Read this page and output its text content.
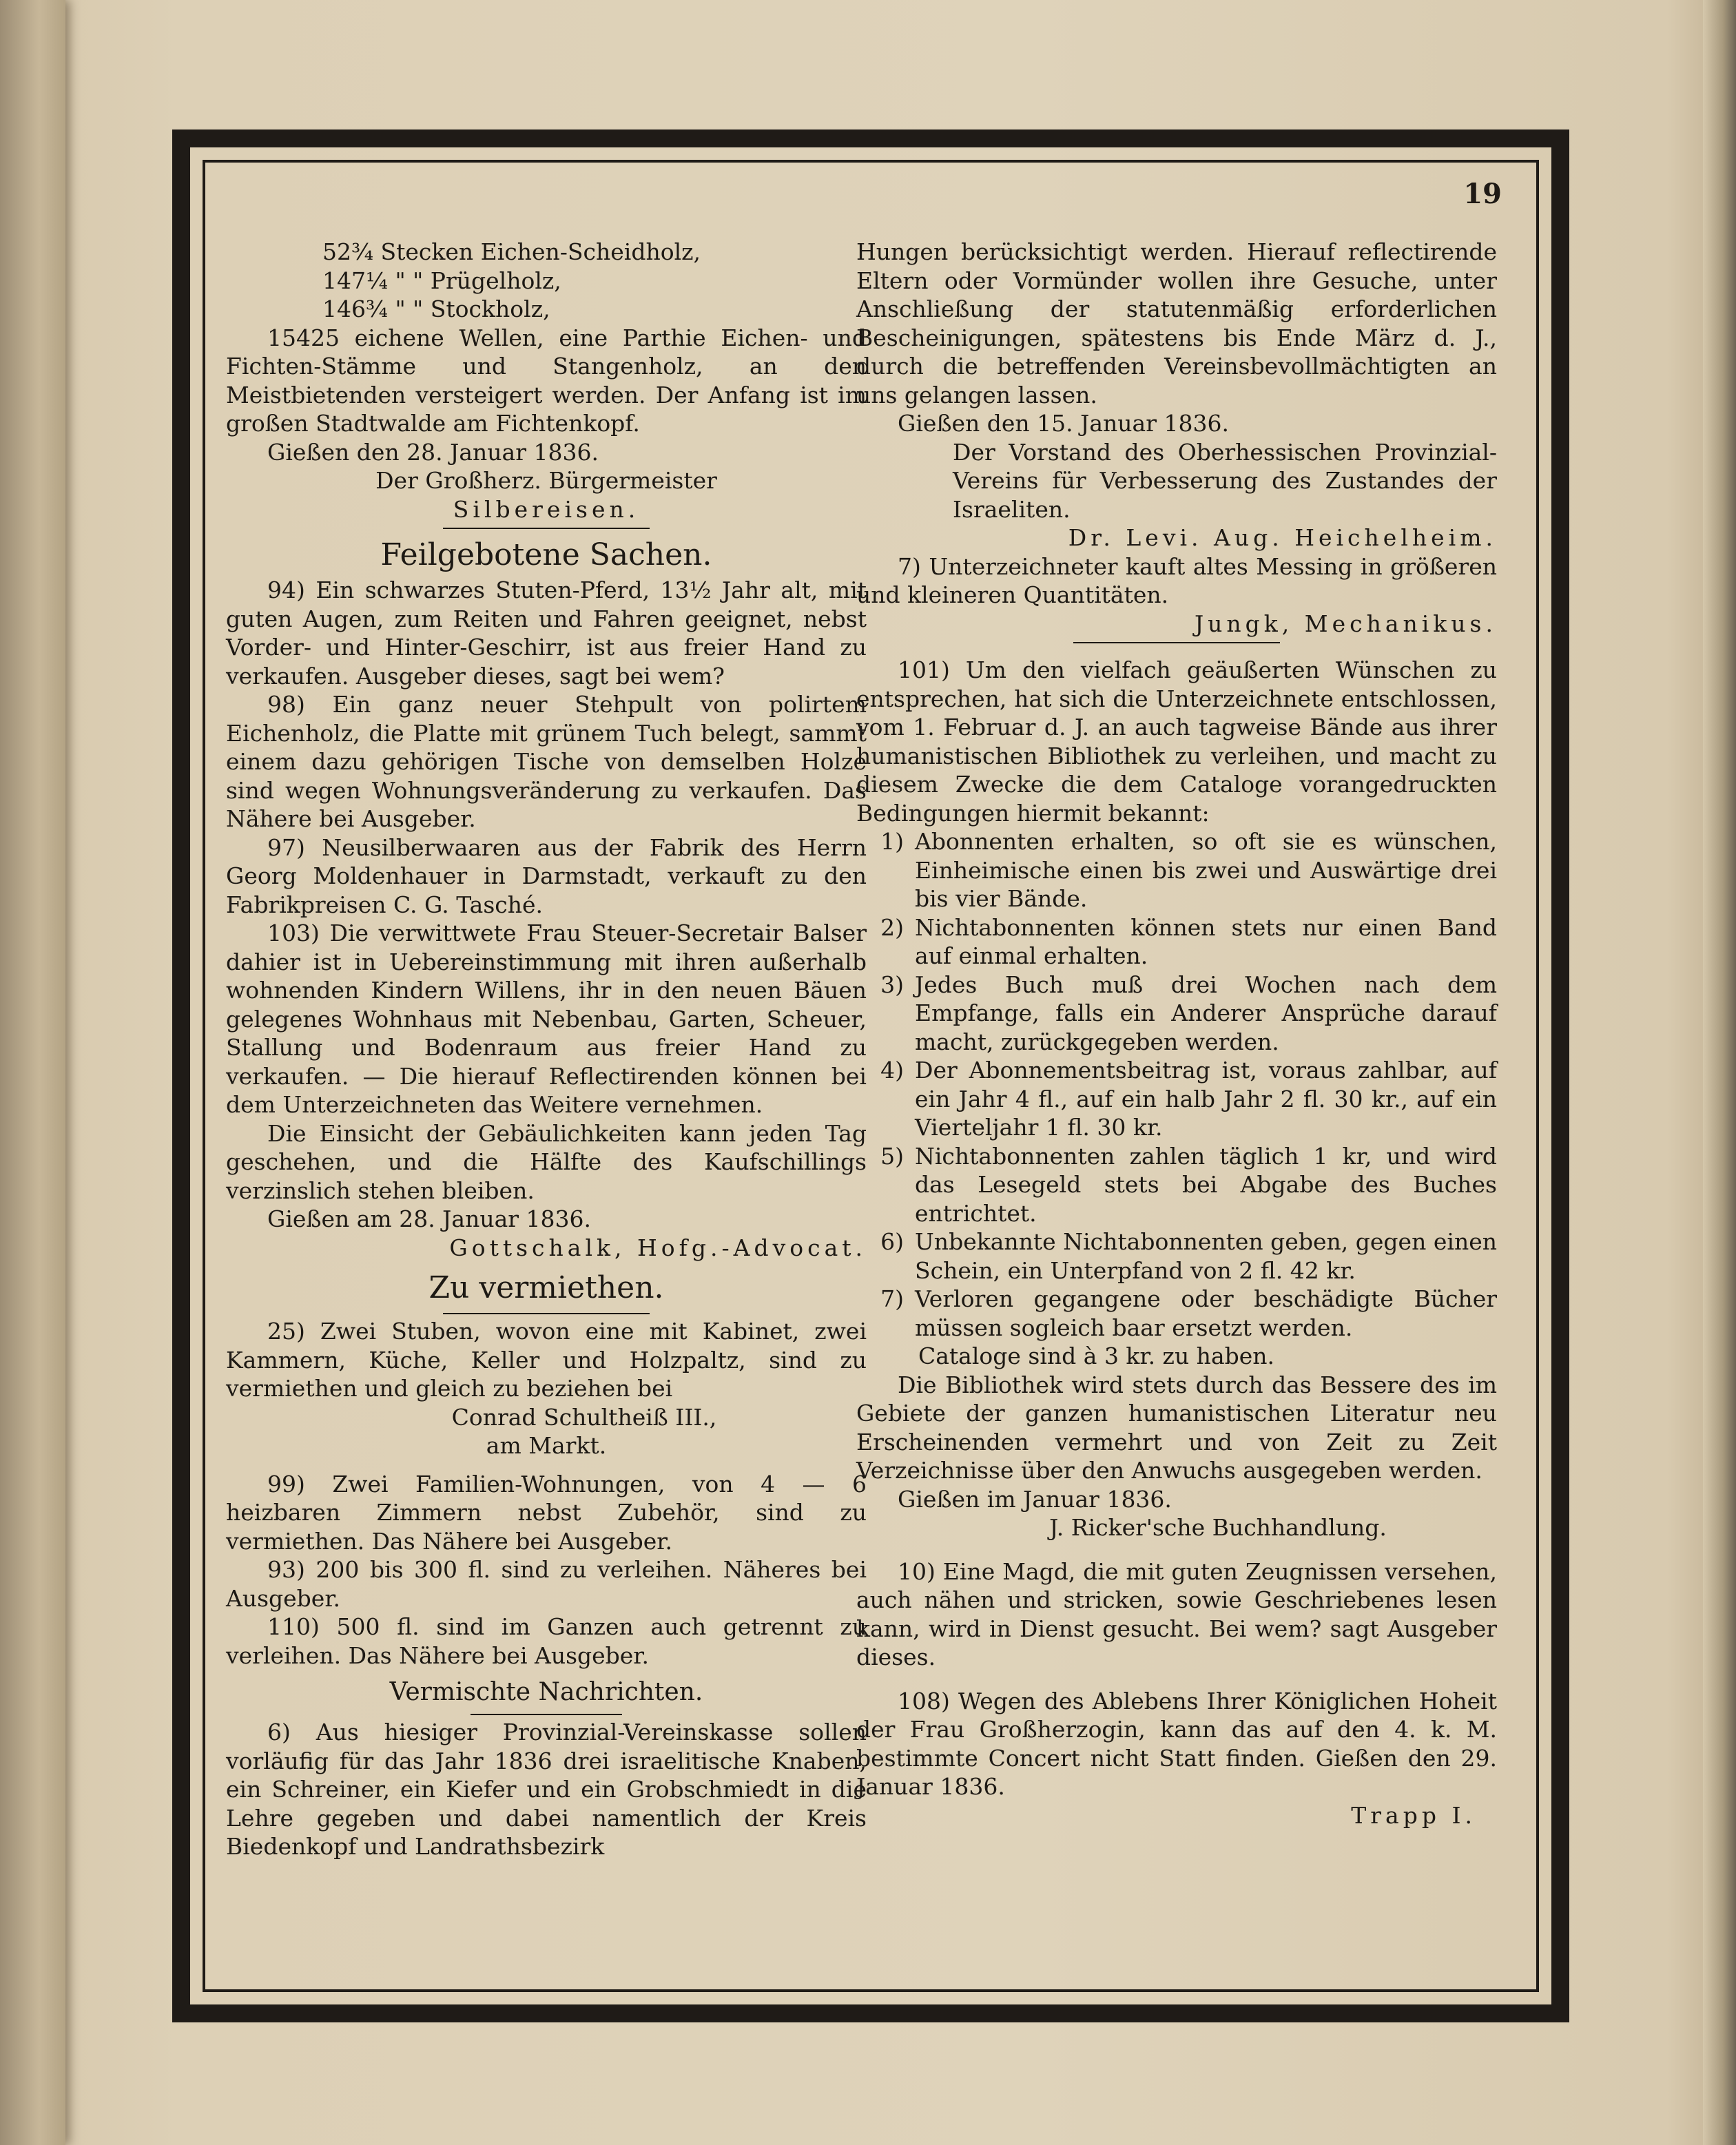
19

52¾ Stecken Eichen-Scheidholz,

147¼ " " Prügelholz,

146¾ " " Stockholz,

15425 eichene Wellen, eine Parthie Eichen- und Fichten-Stämme und Stangenholz, an den Meistbietenden versteigert werden. Der Anfang ist im großen Stadtwalde am Fichtenkopf.

Gießen den 28. Januar 1836.

Der Großherz. Bürgermeister

Silbereisen.

Feilgebotene Sachen.

94) Ein schwarzes Stuten-Pferd, 13½ Jahr alt, mit guten Augen, zum Reiten und Fahren geeignet, nebst Vorder- und Hinter-Geschirr, ist aus freier Hand zu verkaufen. Ausgeber dieses, sagt bei wem?

98) Ein ganz neuer Stehpult von polirtem Eichenholz, die Platte mit grünem Tuch belegt, sammt einem dazu gehörigen Tische von demselben Holze sind wegen Wohnungsveränderung zu verkaufen. Das Nähere bei Ausgeber.

97) Neusilberwaaren aus der Fabrik des Herrn Georg Moldenhauer in Darmstadt, verkauft zu den Fabrikpreisen C. G. Tasché.

103) Die verwittwete Frau Steuer-Secretair Balser dahier ist in Uebereinstimmung mit ihren außerhalb wohnenden Kindern Willens, ihr in den neuen Bäuen gelegenes Wohnhaus mit Nebenbau, Garten, Scheuer, Stallung und Bodenraum aus freier Hand zu verkaufen. — Die hierauf Reflectirenden können bei dem Unterzeichneten das Weitere vernehmen.

Die Einsicht der Gebäulichkeiten kann jeden Tag geschehen, und die Hälfte des Kaufschillings verzinslich stehen bleiben.

Gießen am 28. Januar 1836.

Gottschalk, Hofg.-Advocat.

Zu vermiethen.

25) Zwei Stuben, wovon eine mit Kabinet, zwei Kammern, Küche, Keller und Holzpaltz, sind zu vermiethen und gleich zu beziehen bei

Conrad Schultheiß III.,

am Markt.

99) Zwei Familien-Wohnungen, von 4 — 6 heizbaren Zimmern nebst Zubehör, sind zu vermiethen. Das Nähere bei Ausgeber.

93) 200 bis 300 fl. sind zu verleihen. Näheres bei Ausgeber.

110) 500 fl. sind im Ganzen auch getrennt zu verleihen. Das Nähere bei Ausgeber.

Vermischte Nachrichten.

6) Aus hiesiger Provinzial-Vereinskasse sollen vorläufig für das Jahr 1836 drei israelitische Knaben, ein Schreiner, ein Kiefer und ein Grobschmiedt in die Lehre gegeben und dabei namentlich der Kreis Biedenkopf und Landrathsbezirk

Hungen berücksichtigt werden. Hierauf reflectirende Eltern oder Vormünder wollen ihre Gesuche, unter Anschließung der statutenmäßig erforderlichen Bescheinigungen, spätestens bis Ende März d. J., durch die betreffenden Vereinsbevollmächtigten an uns gelangen lassen.

Gießen den 15. Januar 1836.

Der Vorstand des Oberhessischen Provinzial-Vereins für Verbesserung des Zustandes der Israeliten.

Dr. Levi. Aug. Heichelheim.

7) Unterzeichneter kauft altes Messing in größeren und kleineren Quantitäten.

Jungk, Mechanikus.

101) Um den vielfach geäußerten Wünschen zu entsprechen, hat sich die Unterzeichnete entschlossen, vom 1. Februar d. J. an auch tagweise Bände aus ihrer humanistischen Bibliothek zu verleihen, und macht zu diesem Zwecke die dem Cataloge vorangedruckten Bedingungen hiermit bekannt:

1) Abonnenten erhalten, so oft sie es wünschen, Einheimische einen bis zwei und Auswärtige drei bis vier Bände.
2) Nichtabonnenten können stets nur einen Band auf einmal erhalten.
3) Jedes Buch muß drei Wochen nach dem Empfange, falls ein Anderer Ansprüche darauf macht, zurückgegeben werden.
4) Der Abonnementsbeitrag ist, voraus zahlbar, auf ein Jahr 4 fl., auf ein halb Jahr 2 fl. 30 kr., auf ein Vierteljahr 1 fl. 30 kr.
5) Nichtabonnenten zahlen täglich 1 kr, und wird das Lesegeld stets bei Abgabe des Buches entrichtet.
6) Unbekannte Nichtabonnenten geben, gegen einen Schein, ein Unterpfand von 2 fl. 42 kr.
7) Verloren gegangene oder beschädigte Bücher müssen sogleich baar ersetzt werden.

Cataloge sind à 3 kr. zu haben.

Die Bibliothek wird stets durch das Bessere des im Gebiete der ganzen humanistischen Literatur neu Erscheinenden vermehrt und von Zeit zu Zeit Verzeichnisse über den Anwuchs ausgegeben werden.

Gießen im Januar 1836.

J. Ricker'sche Buchhandlung.

10) Eine Magd, die mit guten Zeugnissen versehen, auch nähen und stricken, sowie Geschriebenes lesen kann, wird in Dienst gesucht. Bei wem? sagt Ausgeber dieses.

108) Wegen des Ablebens Ihrer Königlichen Hoheit der Frau Großherzogin, kann das auf den 4. k. M. bestimmte Concert nicht Statt finden. Gießen den 29. Januar 1836.

Trapp I.
